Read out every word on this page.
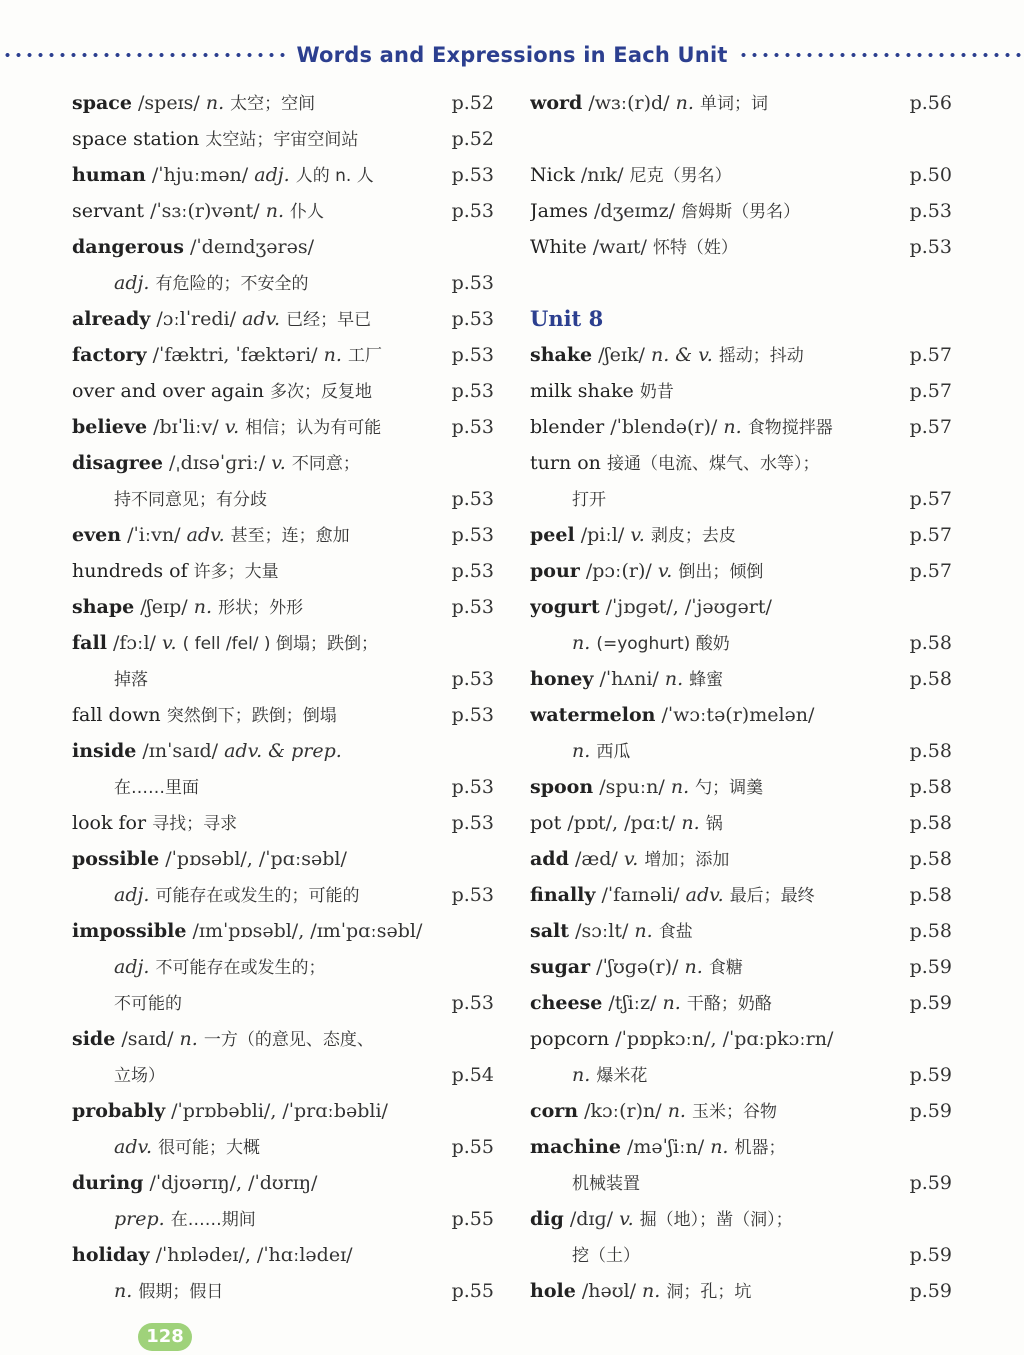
Words and Expressions in Each Unit
space /speɪs/ n. 太空；空间	p.52
space station 太空站；宇宙空间站	p.52
human /ˈhjuːmən/ adj. 人的 n. 人	p.53
servant /ˈsɜː(r)vənt/ n. 仆人	p.53
dangerous /ˈdeɪndʒərəs/
adj. 有危险的；不安全的	p.53
already /ɔːlˈredi/ adv. 已经；早已	p.53
factory /ˈfæktri, ˈfæktəri/ n. 工厂	p.53
over and over again 多次；反复地	p.53
believe /bɪˈliːv/ v. 相信；认为有可能	p.53
disagree /ˌdɪsəˈɡriː/ v. 不同意；
持不同意见；有分歧	p.53
even /ˈiːvn/ adv. 甚至；连；愈加	p.53
hundreds of 许多；大量	p.53
shape /ʃeɪp/ n. 形状；外形	p.53
fall /fɔːl/ v. ( fell /fel/ ) 倒塌；跌倒；
掉落	p.53
fall down 突然倒下；跌倒；倒塌	p.53
inside /ɪnˈsaɪd/ adv. & prep.
在……里面	p.53
look for 寻找；寻求	p.53
possible /ˈpɒsəbl/, /ˈpɑːsəbl/
adj. 可能存在或发生的；可能的	p.53
impossible /ɪmˈpɒsəbl/, /ɪmˈpɑːsəbl/
adj. 不可能存在或发生的；
不可能的	p.53
side /saɪd/ n. 一方（的意见、态度、
立场）	p.54
probably /ˈprɒbəbli/, /ˈprɑːbəbli/
adv. 很可能；大概	p.55
during /ˈdjʊərɪŋ/, /ˈdʊrɪŋ/
prep. 在……期间	p.55
holiday /ˈhɒlədeɪ/, /ˈhɑːlədeɪ/
n. 假期；假日	p.55
word /wɜː(r)d/ n. 单词；词	p.56
Nick /nɪk/ 尼克（男名）	p.50
James /dʒeɪmz/ 詹姆斯（男名）	p.53
White /waɪt/ 怀特（姓）	p.53
Unit 8
shake /ʃeɪk/ n. & v. 摇动；抖动	p.57
milk shake 奶昔	p.57
blender /ˈblendə(r)/ n. 食物搅拌器	p.57
turn on 接通（电流、煤气、水等）；
打开	p.57
peel /piːl/ v. 剥皮；去皮	p.57
pour /pɔː(r)/ v. 倒出；倾倒	p.57
yogurt /ˈjɒɡət/, /ˈjəʊɡərt/
n. (=yoghurt) 酸奶	p.58
honey /ˈhʌni/ n. 蜂蜜	p.58
watermelon /ˈwɔːtə(r)melən/
n. 西瓜	p.58
spoon /spuːn/ n. 勺；调羹	p.58
pot /pɒt/, /pɑːt/ n. 锅	p.58
add /æd/ v. 增加；添加	p.58
finally /ˈfaɪnəli/ adv. 最后；最终	p.58
salt /sɔːlt/ n. 食盐	p.58
sugar /ˈʃʊɡə(r)/ n. 食糖	p.59
cheese /tʃiːz/ n. 干酪；奶酪	p.59
popcorn /ˈpɒpkɔːn/, /ˈpɑːpkɔːrn/
n. 爆米花	p.59
corn /kɔː(r)n/ n. 玉米；谷物	p.59
machine /məˈʃiːn/ n. 机器；
机械装置	p.59
dig /dɪɡ/ v. 掘（地）；凿（洞）；
挖（土）	p.59
hole /həʊl/ n. 洞；孔；坑	p.59
128
